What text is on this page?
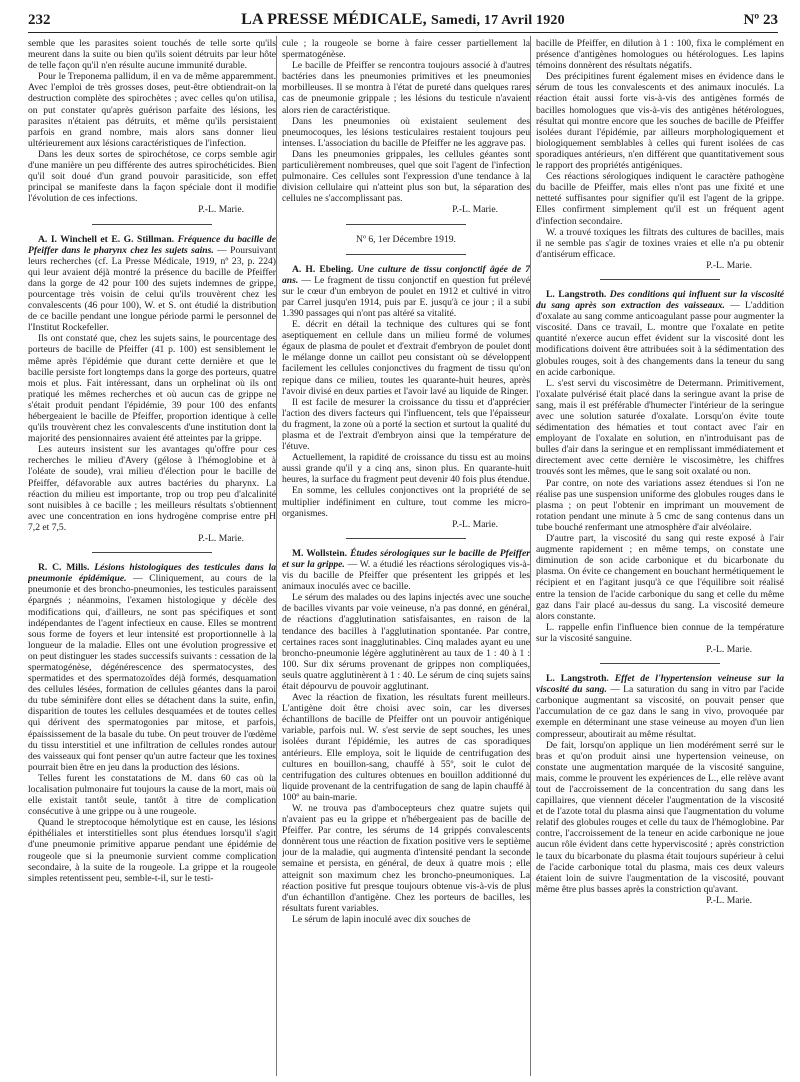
232	LA PRESSE MÉDICALE, Samedi, 17 Avril 1920	Nº 23

semble que les parasites soient touchés de telle sorte qu'ils meurent dans la suite ou bien qu'ils soient détruits par leur hôte de telle façon qu'il n'en résulte aucune immunité durable.

Pour le Treponema pallidum, il en va de même apparemment. Avec l'emploi de très grosses doses, peut-être obtiendrait-on la destruction complète des spirochètes ; avec celles qu'on utilisa, on put constater qu'après guérison parfaite des lésions, les parasites n'étaient pas détruits, et même qu'ils persistaient parfois en grand nombre, mais alors sans donner lieu ultérieurement aux lésions caractéristiques de l'infection.

Dans les deux sortes de spirochétose, ce corps semble agir d'une manière un peu différente des autres spirochéticides. Bien qu'il soit doué d'un grand pouvoir parasiticide, son effet principal se manifeste dans la façon spéciale dont il modifie l'évolution de ces infections.

P.-L. Marie.

A. I. Winchell et E. G. Stillman. Fréquence du bacille de Pfeiffer dans le pharynx chez les sujets sains. — Poursuivant leurs recherches (cf. La Presse Médicale, 1919, nº 23, p. 224) qui leur avaient déjà montré la présence du bacille de Pfeiffer dans la gorge de 42 pour 100 des sujets indemnes de grippe, pourcentage très voisin de celui qu'ils trouvèrent chez les convalescents (46 pour 100), W. et S. ont étudié la distribution de ce bacille pendant une longue période parmi le personnel de l'Institut Rockefeller.

Ils ont constaté que, chez les sujets sains, le pourcentage des porteurs de bacille de Pfeiffer (41 p. 100) est sensiblement le même après l'épidémie que durant cette dernière et que le bacille persiste fort longtemps dans la gorge des porteurs, quatre mois et plus. Fait intéressant, dans un orphelinat où ils ont pratiqué les mêmes recherches et où aucun cas de grippe ne s'était produit pendant l'épidémie, 39 pour 100 des enfants hébergeaient le bacille de Pfeiffer, proportion identique à celle qu'ils trouvèrent chez les convalescents d'une institution dont la majorité des pensionnaires avaient été atteintes par la grippe.

Les auteurs insistent sur les avantages qu'offre pour ces recherches le milieu d'Avery (gélose à l'hémoglobine et à l'oléate de soude), vrai milieu d'élection pour le bacille de Pfeiffer, défavorable aux autres bactéries du pharynx. La réaction du milieu est importante, trop ou trop peu d'alcalinité sont nuisibles à ce bacille ; les meilleurs résultats s'obtiennent avec une concentration en ions hydrogène comprise entre pH 7,2 et 7,5.

P.-L. Marie.

R. C. Mills. Lésions histologiques des testicules dans la pneumonie épidémique. — Cliniquement, au cours de la pneumonie et des broncho-pneumonies, les testicules paraissent épargnés ; néanmoins, l'examen histologique y décèle des modifications qui, d'ailleurs, ne sont pas spécifiques et sont indépendantes de l'agent infectieux en cause. Elles se montrent sous forme de foyers et leur intensité est proportionnelle à la longueur de la maladie. Elles ont une évolution progressive et on peut distinguer les stades successifs suivants : cessation de la spermatogénèse, dégénérescence des spermatocystes, des spermatides et des spermatozoïdes déjà formés, desquamation des cellules lésées, formation de cellules géantes dans la paroi du tube séminifère dont elles se détachent dans la suite, enfin, disparition de toutes les cellules desquamées et de toutes celles qui dérivent des spermatogonies par mitose, et parfois, épaississement de la basale du tube. On peut trouver de l'œdème du tissu interstitiel et une infiltration de cellules rondes autour des vaisseaux qui font penser qu'un autre facteur que les toxines pourrait bien être en jeu dans la production des lésions.

Telles furent les constatations de M. dans 60 cas où la localisation pulmonaire fut toujours la cause de la mort, mais où elle existait tantôt seule, tantôt à titre de complication consécutive à une grippe ou à une rougeole.

Quand le streptocoque hémolytique est en cause, les lésions épithéliales et interstitielles sont plus étendues lorsqu'il s'agit d'une pneumonie primitive apparue pendant une épidémie de rougeole que si la pneumonie survient comme complication secondaire, à la suite de la rougeole. La grippe et la rougeole simples retentissent peu, semble-t-il, sur le testi-

cule ; la rougeole se borne à faire cesser partiellement la spermatogénèse.

Le bacille de Pfeiffer se rencontra toujours associé à d'autres bactéries dans les pneumonies primitives et les pneumonies morbilleuses. Il se montra à l'état de pureté dans quelques rares cas de pneumonie grippale ; les lésions du testicule n'avaient alors rien de caractéristique.

Dans les pneumonies où existaient seulement des pneumocoques, les lésions testiculaires restaient toujours peu intenses. L'association du bacille de Pfeiffer ne les aggrave pas.

Dans les pneumonies grippales, les cellules géantes sont particulièrement nombreuses, quel que soit l'agent de l'infection pulmonaire. Ces cellules sont l'expression d'une tendance à la division cellulaire qui n'atteint plus son but, la séparation des cellules ne s'accomplissant pas.

P.-L. Marie.

Nº 6, 1er Décembre 1919.

A. H. Ebeling. Une culture de tissu conjonctif âgée de 7 ans. — Le fragment de tissu conjonctif en question fut prélevé sur le cœur d'un embryon de poulet en 1912 et cultivé in vitro par Carrel jusqu'en 1914, puis par E. jusqu'à ce jour ; il a subi 1.390 passages qui n'ont pas altéré sa vitalité.

E. décrit en détail la technique des cultures qui se font aseptiquement en cellule dans un milieu formé de volumes égaux de plasma de poulet et d'extrait d'embryon de poulet dont le mélange donne un caillot peu consistant où se développent facilement les cellules conjonctives du fragment de tissu qu'on repique dans ce milieu, toutes les quarante-huit heures, après l'avoir divisé en deux parties et l'avoir lavé au liquide de Ringer.

Il est facile de mesurer la croissance du tissu et d'apprécier l'action des divers facteurs qui l'influencent, tels que l'épaisseur du fragment, la zone où a porté la section et surtout la qualité du plasma et de l'extrait d'embryon ainsi que la température de l'étuve.

Actuellement, la rapidité de croissance du tissu est au moins aussi grande qu'il y a cinq ans, sinon plus. En quarante-huit heures, la surface du fragment peut devenir 40 fois plus étendue.

En somme, les cellules conjonctives ont la propriété de se multiplier indéfiniment en culture, tout comme les micro-organismes.

P.-L. Marie.

M. Wollstein. Études sérologiques sur le bacille de Pfeiffer et sur la grippe. — W. a étudié les réactions sérologiques vis-à-vis du bacille de Pfeiffer que présentent les grippés et les animaux inoculés avec ce bacille.

Le sérum des malades ou des lapins injectés avec une souche de bacilles vivants par voie veineuse, n'a pas donné, en général, de réactions d'agglutination satisfaisantes, en raison de la tendance des bacilles à l'agglutination spontanée. Par contre, certaines races sont inagglutinables. Cinq malades ayant eu une broncho-pneumonie légère agglutinèrent au taux de 1 : 40 à 1 : 100. Sur dix sérums provenant de grippes non compliquées, seuls quatre agglutinèrent à 1 : 40. Le sérum de cinq sujets sains était dépourvu de pouvoir agglutinant.

Avec la réaction de fixation, les résultats furent meilleurs. L'antigène doit être choisi avec soin, car les diverses échantillons de bacille de Pfeiffer ont un pouvoir antigénique variable, parfois nul. W. s'est servie de sept souches, les unes isolées durant l'épidémie, les autres de cas sporadiques antérieurs. Elle employa, soit le liquide de centrifugation des cultures en bouillon-sang, chauffé à 55º, soit le culot de centrifugation des cultures obtenues en bouillon additionné du liquide provenant de la centrifugation de sang de lapin chauffé à 100º au bain-marie.

W. ne trouva pas d'ambocepteurs chez quatre sujets qui n'avaient pas eu la grippe et n'hébergeaient pas de bacille de Pfeiffer. Par contre, les sérums de 14 grippés convalescents donnèrent tous une réaction de fixation positive vers le septième jour de la maladie, qui augmenta d'intensité pendant la seconde semaine et persista, en général, de deux à quatre mois ; elle atteignit son maximum chez les broncho-pneumoniques. La réaction positive fut presque toujours obtenue vis-à-vis de plus d'un échantillon d'antigène. Chez les porteurs de bacilles, les résultats furent variables.

Le sérum de lapin inoculé avec dix souches de

bacille de Pfeiffer, en dilution à 1 : 100, fixa le complément en présence d'antigènes homologues ou hétérologues. Les lapins témoins donnèrent des résultats négatifs.

Des précipitines furent également mises en évidence dans le sérum de tous les convalescents et des animaux inoculés. La réaction était aussi forte vis-à-vis des antigènes formés de bacilles homologues que vis-à-vis des antigènes hétérologues, résultat qui montre encore que les souches de bacille de Pfeiffer isolées durant l'épidémie, par ailleurs morphologiquement et biologiquement semblables à celles qui furent isolées de cas sporadiques antérieurs, n'en différent que quantitativement sous le rapport des propriétés antigéniques.

Ces réactions sérologiques indiquent le caractère pathogène du bacille de Pfeiffer, mais elles n'ont pas une fixité et une netteté suffisantes pour signifier qu'il est l'agent de la grippe. Elles confirment simplement qu'il est un fréquent agent d'infection secondaire.

W. a trouvé toxiques les filtrats des cultures de bacilles, mais il ne semble pas s'agir de toxines vraies et elle n'a pu obtenir d'antisérum efficace.

P.-L. Marie.

L. Langstroth. Des conditions qui influent sur la viscosité du sang après son extraction des vaisseaux. — L'addition d'oxalate au sang comme anticoagulant passe pour augmenter la viscosité. Dans ce travail, L. montre que l'oxalate en petite quantité n'exerce aucun effet évident sur la viscosité dont les modifications doivent être attribuées soit à la sédimentation des globules rouges, soit à des changements dans la teneur du sang en acide carbonique.

L. s'est servi du viscosimètre de Determann. Primitivement, l'oxalate pulvérisé était placé dans la seringue avant la prise de sang, mais il est préférable d'humecter l'intérieur de la seringue avec une solution saturée d'oxalate. Lorsqu'on évite toute sédimentation des hématies et tout contact avec l'air en employant de l'oxalate en solution, en n'introduisant pas de bulles d'air dans la seringue et en remplissant immédiatement et directement avec cette dernière le viscosimètre, les chiffres trouvés sont les mêmes, que le sang soit oxalaté ou non.

Par contre, on note des variations assez étendues si l'on ne réalise pas une suspension uniforme des globules rouges dans le plasma ; on peut l'obtenir en imprimant un mouvement de rotation pendant une minute à 5 cmc de sang contenus dans un tube bouché renfermant une atmosphère d'air alvéolaire.

D'autre part, la viscosité du sang qui reste exposé à l'air augmente rapidement ; en même temps, on constate une diminution de son acide carbonique et du bicarbonate du plasma. On évite ce changement en bouchant hermétiquement le récipient et en l'agitant jusqu'à ce que l'équilibre soit réalisé entre la tension de l'acide carbonique du sang et celle du même gaz dans l'air placé au-dessus du sang. La viscosité demeure alors constante.

L. rappelle enfin l'influence bien connue de la température sur la viscosité sanguine.

P.-L. Marie.

L. Langstroth. Effet de l'hypertension veineuse sur la viscosité du sang. — La saturation du sang in vitro par l'acide carbonique augmentant sa viscosité, on pouvait penser que l'accumulation de ce gaz dans le sang in vivo, provoquée par exemple en déterminant une stase veineuse au moyen d'un lien compresseur, aboutirait au même résultat.

De fait, lorsqu'on applique un lien modérément serré sur le bras et qu'on produit ainsi une hypertension veineuse, on constate une augmentation marquée de la viscosité sanguine, mais, comme le prouvent les expériences de L., elle relève avant tout de l'accroissement de la concentration du sang dans les capillaires, que viennent déceler l'augmentation de la viscosité et de l'azote total du plasma ainsi que l'augmentation du volume relatif des globules rouges et celle du taux de l'hémoglobine. Par contre, l'accroissement de la teneur en acide carbonique ne joue aucun rôle évident dans cette hyperviscosité ; après constriction le taux du bicarbonate du plasma était toujours supérieur à celui de l'acide carbonique total du plasma, mais ces deux valeurs étaient loin de suivre l'augmentation de la viscosité, pouvant même être plus basses après la constriction qu'avant.

P.-L. Marie.
